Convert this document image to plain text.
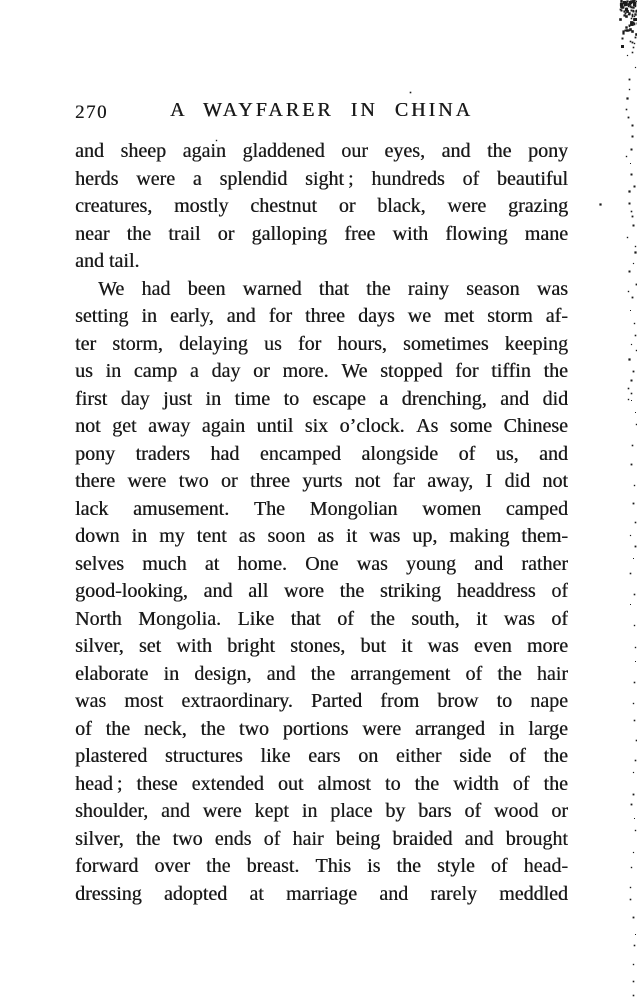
270	A WAYFARER IN CHINA
and sheep again gladdened our eyes, and the pony
herds were a splendid sight ; hundreds of beautiful
creatures, mostly chestnut or black, were grazing
near the trail or galloping free with flowing mane
and tail.
We had been warned that the rainy season was
setting in early, and for three days we met storm af-
ter storm, delaying us for hours, sometimes keeping
us in camp a day or more. We stopped for tiffin the
first day just in time to escape a drenching, and did
not get away again until six o’clock. As some Chinese
pony traders had encamped alongside of us, and
there were two or three yurts not far away, I did not
lack amusement. The Mongolian women camped
down in my tent as soon as it was up, making them-
selves much at home. One was young and rather
good-looking, and all wore the striking headdress of
North Mongolia. Like that of the south, it was of
silver, set with bright stones, but it was even more
elaborate in design, and the arrangement of the hair
was most extraordinary. Parted from brow to nape
of the neck, the two portions were arranged in large
plastered structures like ears on either side of the
head ; these extended out almost to the width of the
shoulder, and were kept in place by bars of wood or
silver, the two ends of hair being braided and brought
forward over the breast. This is the style of head-
dressing adopted at marriage and rarely meddled
